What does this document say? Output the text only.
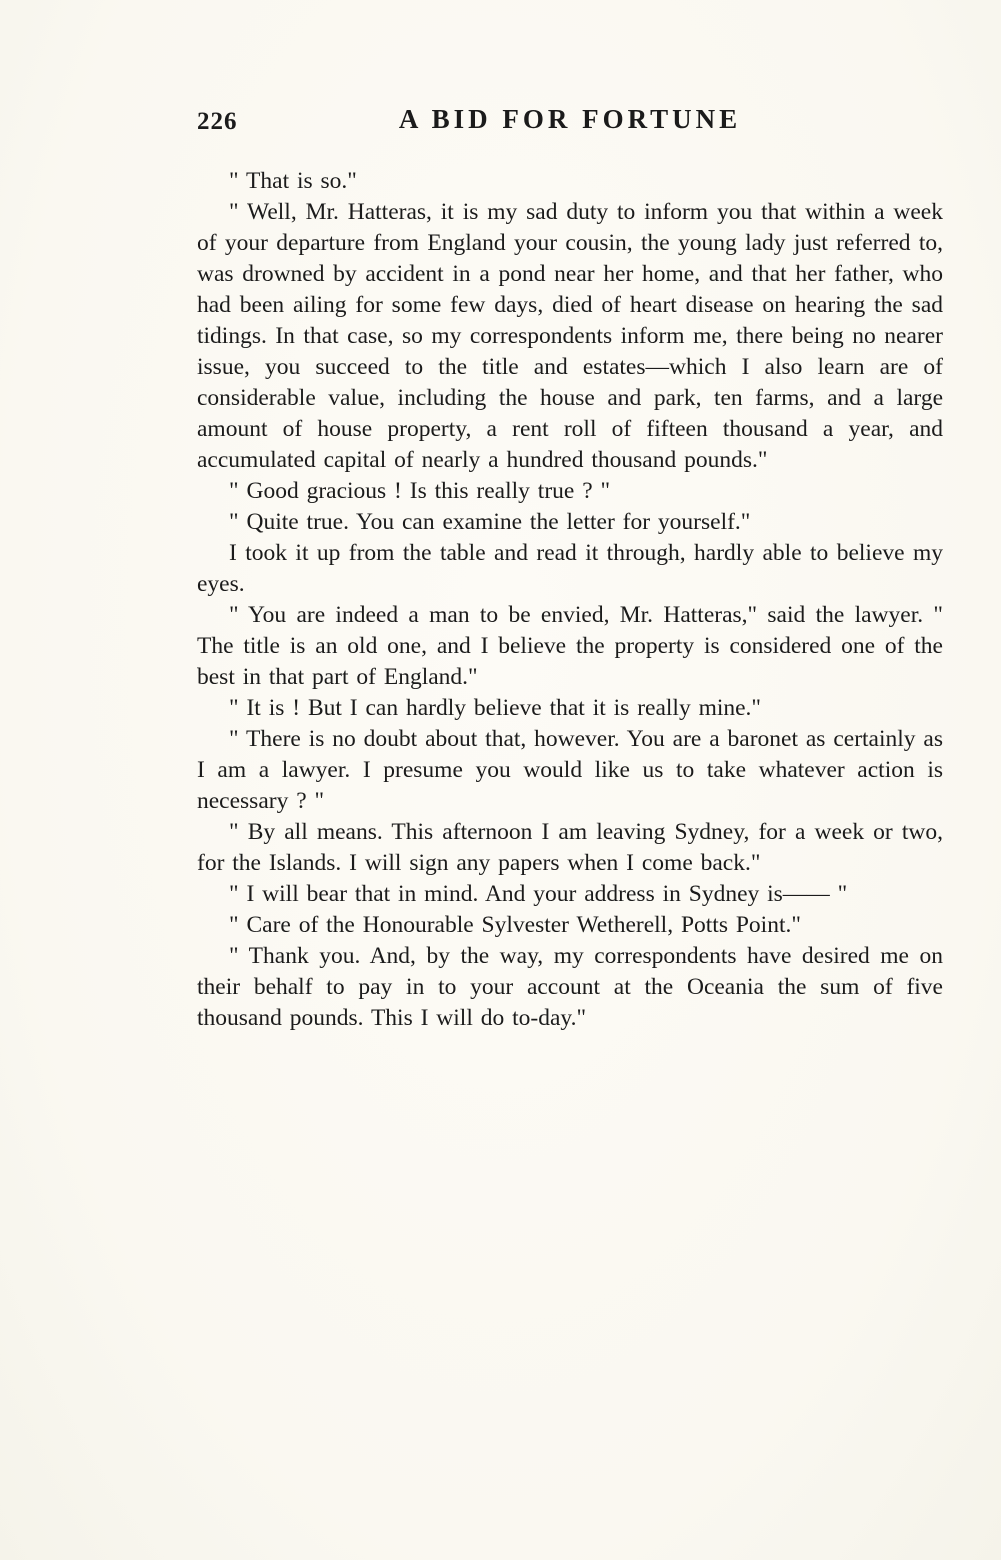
226	A BID FOR FORTUNE

" That is so."

" Well, Mr. Hatteras, it is my sad duty to inform you that within a week of your departure from England your cousin, the young lady just referred to, was drowned by accident in a pond near her home, and that her father, who had been ailing for some few days, died of heart disease on hearing the sad tidings. In that case, so my correspondents inform me, there being no nearer issue, you succeed to the title and estates—which I also learn are of considerable value, including the house and park, ten farms, and a large amount of house property, a rent roll of fifteen thousand a year, and accumulated capital of nearly a hundred thousand pounds."

" Good gracious ! Is this really true ? "

" Quite true. You can examine the letter for yourself."

I took it up from the table and read it through, hardly able to believe my eyes.

" You are indeed a man to be envied, Mr. Hatteras," said the lawyer. " The title is an old one, and I believe the property is considered one of the best in that part of England."

" It is ! But I can hardly believe that it is really mine."

" There is no doubt about that, however. You are a baronet as certainly as I am a lawyer. I presume you would like us to take whatever action is necessary ? "

" By all means. This afternoon I am leaving Sydney, for a week or two, for the Islands. I will sign any papers when I come back."

" I will bear that in mind. And your address in Sydney is—— "

" Care of the Honourable Sylvester Wetherell, Potts Point."

" Thank you. And, by the way, my correspondents have desired me on their behalf to pay in to your account at the Oceania the sum of five thousand pounds. This I will do to-day."
